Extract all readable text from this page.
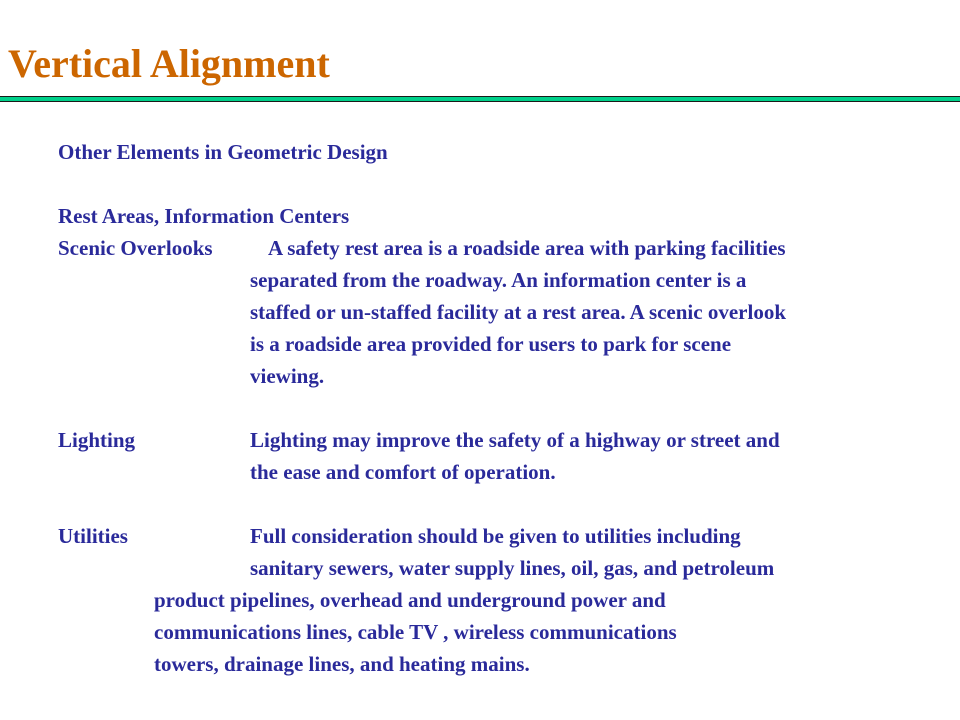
Vertical Alignment
Other Elements in Geometric Design
Rest Areas, Information Centers
Scenic Overlooks	A safety rest area is a roadside area with parking facilities
separated from the roadway. An information center is a
staffed or un-staffed facility at a rest area. A scenic overlook
is a roadside area provided for users to park for scene
viewing.
Lighting	Lighting may improve the safety of a highway or street and
the ease and comfort of operation.
Utilities	Full consideration should be given to utilities including
sanitary sewers, water supply lines, oil, gas, and petroleum
product pipelines, overhead and underground power and
communications lines, cable TV , wireless communications
towers, drainage lines, and heating mains.
